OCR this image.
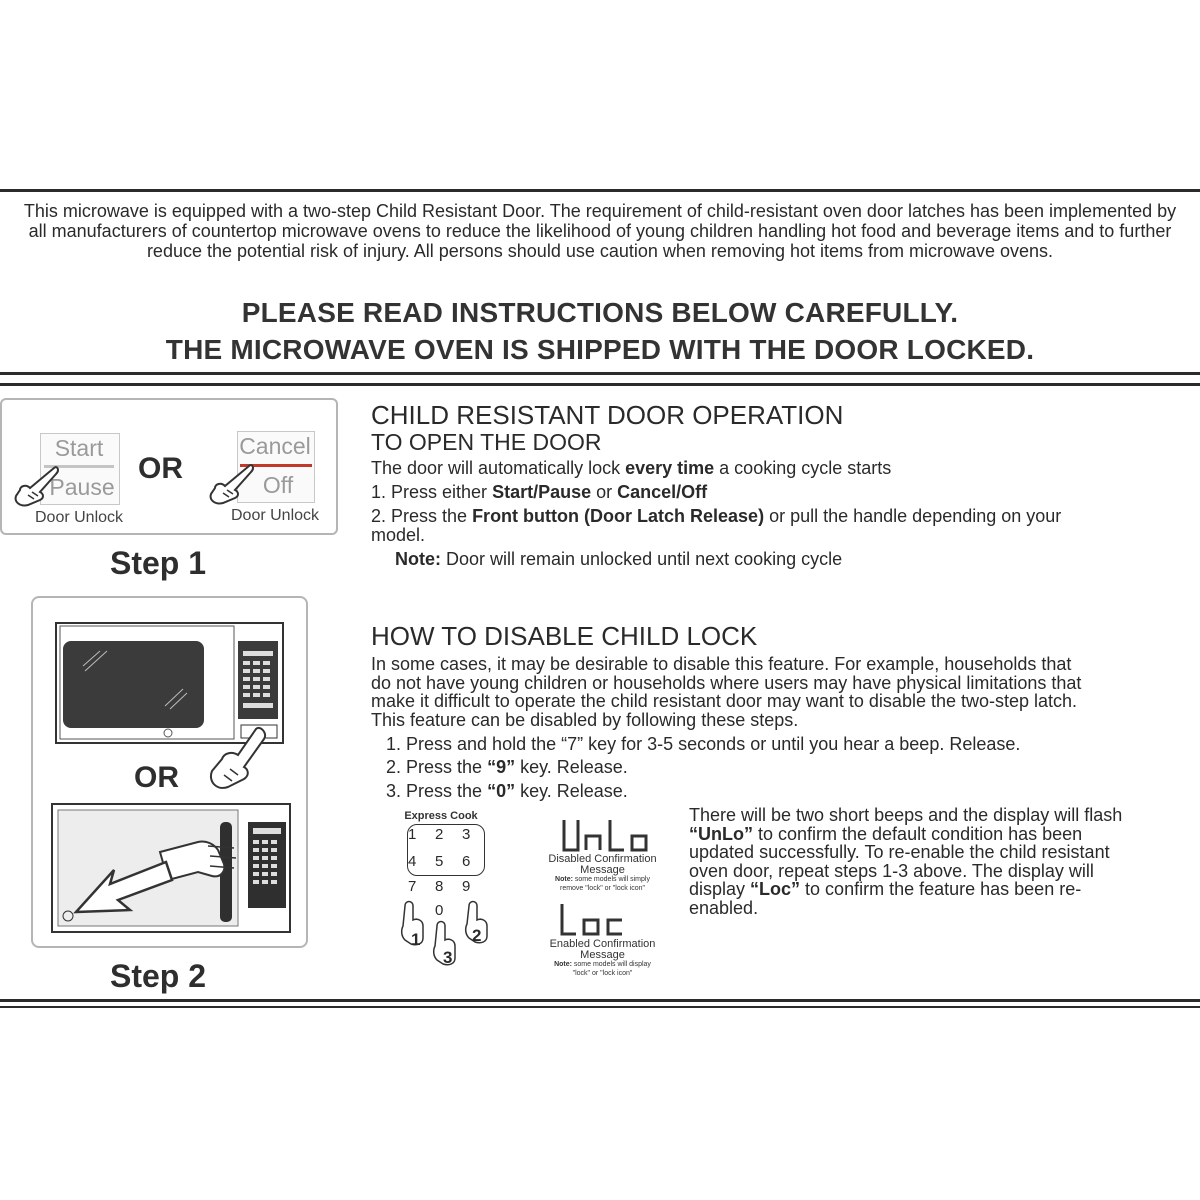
This microwave is equipped with a two-step Child Resistant Door. The requirement of child-resistant oven door latches has been implemented by all manufacturers of countertop microwave ovens to reduce the likelihood of young children handling hot food and beverage items and to further reduce the potential risk of injury. All persons should use caution when removing hot items from microwave ovens.
PLEASE READ INSTRUCTIONS BELOW CAREFULLY.
THE MICROWAVE OVEN IS SHIPPED WITH THE DOOR LOCKED.
Start
Pause
Door Unlock
OR
Cancel
Off
Door Unlock
Step 1
OR
Step 2
CHILD RESISTANT DOOR OPERATION
TO OPEN THE DOOR
The door will automatically lock every time a cooking cycle starts
1. Press either Start/Pause or Cancel/Off
2. Press the Front button (Door Latch Release) or pull the handle depending on your
model.
Note: Door will remain unlocked until next cooking cycle
HOW TO DISABLE CHILD LOCK
In some cases, it may be desirable to disable this feature. For example, households that
do not have young children or households where users may have physical limitations that
make it difficult to operate the child resistant door may want to disable the two-step latch.
This feature can be disabled by following these steps.
1. Press and hold the “7” key for 3-5 seconds or until you hear a beep. Release.
2. Press the “9” key. Release.
3. Press the “0” key. Release.
Express Cook
1 2 3
4 5 6
7 8 9
0
1	2
3
Disabled Confirmation
Message
Note: some models will simply
remove "lock" or "lock icon"
Enabled Confirmation
Message
Note: some models will display
"lock" or "lock icon"
There will be two short beeps and the display will flash
“UnLo” to confirm the default condition has been
updated successfully. To re-enable the child resistant
oven door, repeat steps 1-3 above. The display will
display “Loc” to confirm the feature has been re-
enabled.
